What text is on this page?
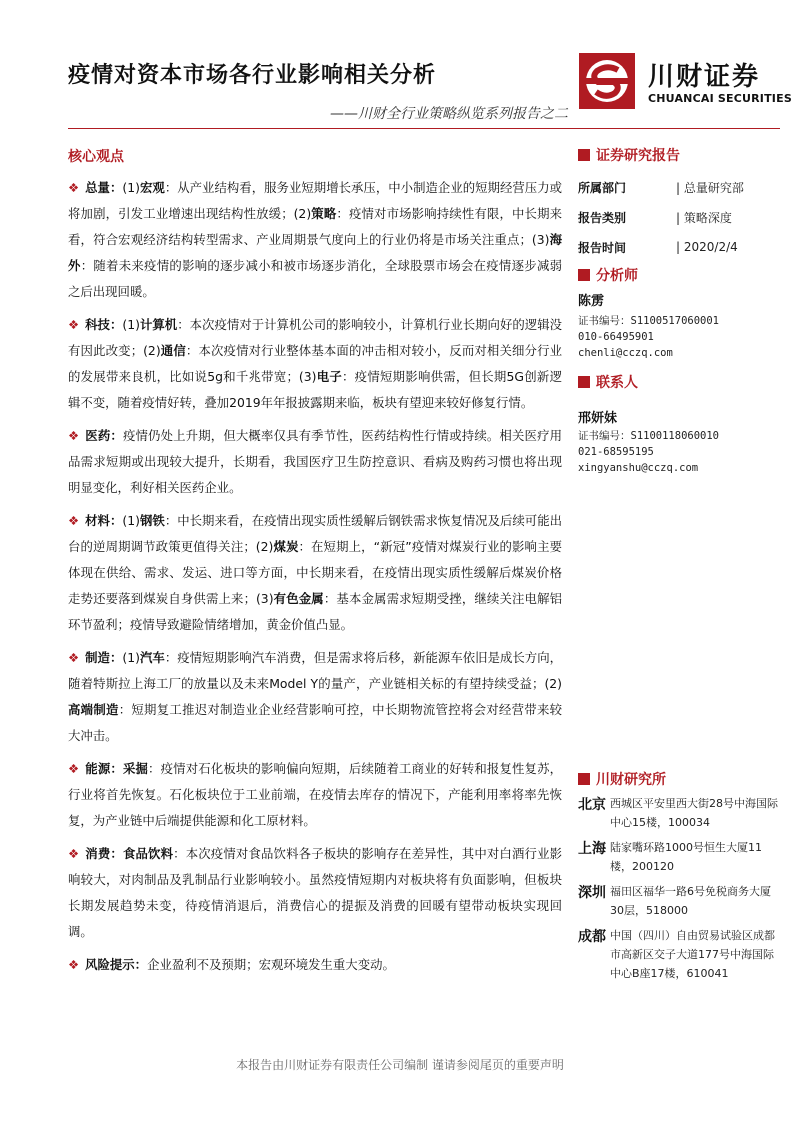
疫情对资本市场各行业影响相关分析
——川财全行业策略纵览系列报告之二
川财证券
CHUANCAI SECURITIES
核心观点

❖ 总量：(1)宏观：从产业结构看，服务业短期增长承压，中小制造企业的短期经营压力或将加剧，引发工业增速出现结构性放缓；(2)策略：疫情对市场影响持续性有限，中长期来看，符合宏观经济结构转型需求、产业周期景气度向上的行业仍将是市场关注重点；(3)海外：随着未来疫情的影响的逐步减小和被市场逐步消化，全球股票市场会在疫情逐步减弱之后出现回暖。

❖ 科技：(1)计算机：本次疫情对于计算机公司的影响较小，计算机行业长期向好的逻辑没有因此改变；(2)通信：本次疫情对行业整体基本面的冲击相对较小，反而对相关细分行业的发展带来良机，比如说5g和千兆带宽；(3)电子：疫情短期影响供需，但长期5G创新逻辑不变，随着疫情好转，叠加2019年年报披露期来临，板块有望迎来较好修复行情。

❖ 医药：疫情仍处上升期，但大概率仅具有季节性，医药结构性行情或持续。相关医疗用品需求短期或出现较大提升，长期看，我国医疗卫生防控意识、看病及购药习惯也将出现明显变化，利好相关医药企业。

❖ 材料：(1)钢铁：中长期来看，在疫情出现实质性缓解后钢铁需求恢复情况及后续可能出台的逆周期调节政策更值得关注；(2)煤炭：在短期上，“新冠”疫情对煤炭行业的影响主要体现在供给、需求、发运、进口等方面，中长期来看，在疫情出现实质性缓解后煤炭价格走势还要落到煤炭自身供需上来；(3)有色金属：基本金属需求短期受挫，继续关注电解铝环节盈利；疫情导致避险情绪增加，黄金价值凸显。

❖ 制造：(1)汽车：疫情短期影响汽车消费，但是需求将后移，新能源车依旧是成长方向，随着特斯拉上海工厂的放量以及未来Model Y的量产，产业链相关标的有望持续受益；(2)高端制造：短期复工推迟对制造业企业经营影响可控，中长期物流管控将会对经营带来较大冲击。

❖ 能源：采掘：疫情对石化板块的影响偏向短期，后续随着工商业的好转和报复性复苏，行业将首先恢复。石化板块位于工业前端，在疫情去库存的情况下，产能利用率将率先恢复，为产业链中后端提供能源和化工原材料。

❖ 消费：食品饮料：本次疫情对食品饮料各子板块的影响存在差异性，其中对白酒行业影响较大，对肉制品及乳制品行业影响较小。虽然疫情短期内对板块将有负面影响，但板块长期发展趋势未变，待疫情消退后，消费信心的提振及消费的回暖有望带动板块实现回调。

❖ 风险提示：企业盈利不及预期；宏观环境发生重大变动。

证券研究报告
所属部门	| 总量研究部
报告类别	| 策略深度
报告时间	| 2020/2/4
分析师
陈雳
证书编号：S1100517060001
010-66495901
chenli@cczq.com
联系人
邢妍妹
证书编号：S1100118060010
021-68595195
xingyanshu@cczq.com
川财研究所
北京 西城区平安里西大街28号中海国际中心15楼，100034
上海 陆家嘴环路1000号恒生大厦11楼，200120
深圳 福田区福华一路6号免税商务大厦30层，518000
成都 中国（四川）自由贸易试验区成都市高新区交子大道177号中海国际中心B座17楼，610041
本报告由川财证券有限责任公司编制 谨请参阅尾页的重要声明
